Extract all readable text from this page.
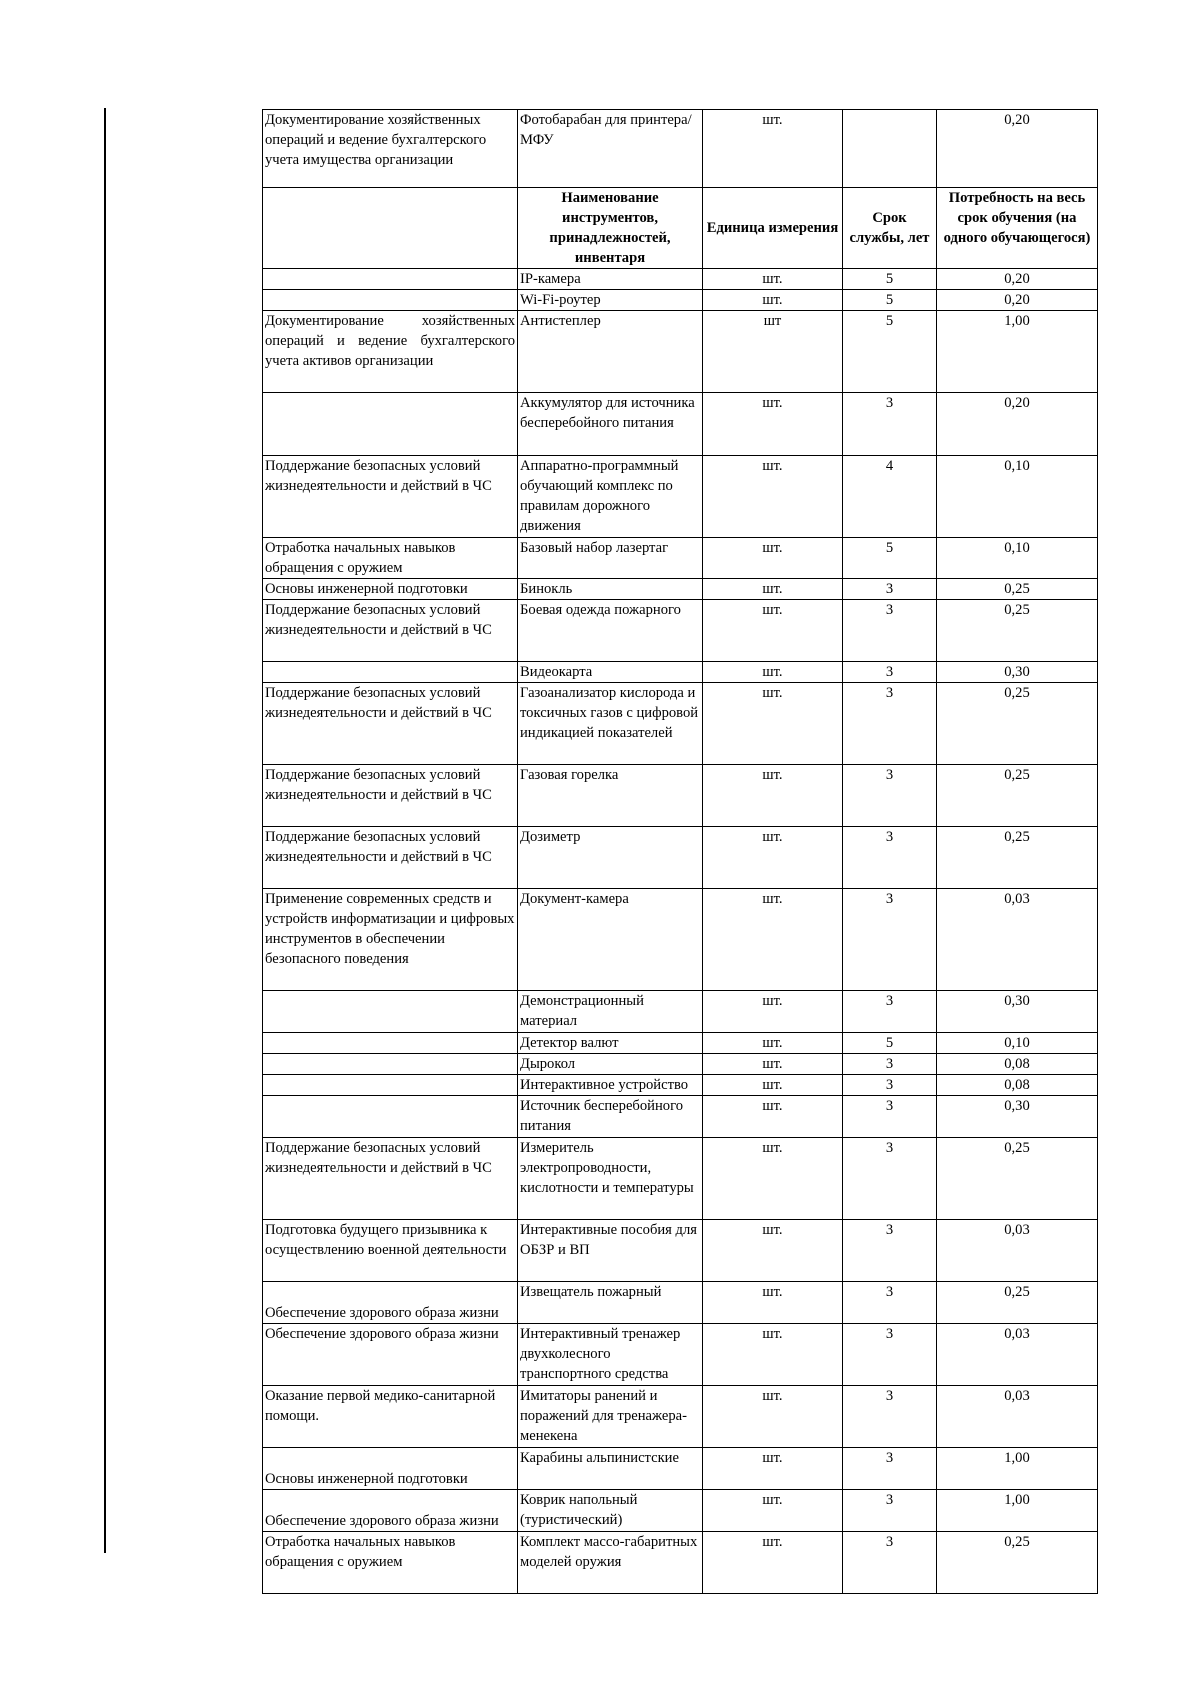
Документирование хозяйственных операций и ведение бухгалтерского учета имущества организации	Фотобарабан для принтера/МФУ	шт.		0,20
	Наименование инструментов, принадлежностей, инвентаря	Единица измерения	Срок службы, лет	Потребность на весь срок обучения (на одного обучающегося)
	IP-камера	шт.	5	0,20
	Wi-Fi-роутер	шт.	5	0,20
Документирование хозяйственных операций и ведение бухгалтерского учета активов организации	Антистеплер	шт	5	1,00
	Аккумулятор для источника бесперебойного питания	шт.	3	0,20
Поддержание безопасных условий жизнедеятельности и действий в ЧС	Аппаратно-программный обучающий комплекс по правилам дорожного движения	шт.	4	0,10
Отработка начальных навыков обращения с оружием	Базовый набор лазертаг	шт.	5	0,10
Основы инженерной подготовки	Бинокль	шт.	3	0,25
Поддержание безопасных условий жизнедеятельности и действий в ЧС	Боевая одежда пожарного	шт.	3	0,25
	Видеокарта	шт.	3	0,30
Поддержание безопасных условий жизнедеятельности и действий в ЧС	Газоанализатор кислорода и токсичных газов с цифровой индикацией показателей	шт.	3	0,25
Поддержание безопасных условий жизнедеятельности и действий в ЧС	Газовая горелка	шт.	3	0,25
Поддержание безопасных условий жизнедеятельности и действий в ЧС	Дозиметр	шт.	3	0,25
Применение современных средств и устройств информатизации и цифровых инструментов в обеспечении безопасного поведения	Документ-камера	шт.	3	0,03
	Демонстрационный материал	шт.	3	0,30
	Детектор валют	шт.	5	0,10
	Дырокол	шт.	3	0,08
	Интерактивное устройство	шт.	3	0,08
	Источник бесперебойного питания	шт.	3	0,30
Поддержание безопасных условий жизнедеятельности и действий в ЧС	Измеритель электропроводности, кислотности и температуры	шт.	3	0,25
Подготовка будущего призывника к осуществлению военной деятельности	Интерактивные пособия для ОБЗР и ВП	шт.	3	0,03
Обеспечение здорового образа жизни	Извещатель пожарный	шт.	3	0,25
Обеспечение здорового образа жизни	Интерактивный тренажер двухколесного транспортного средства	шт.	3	0,03
Оказание первой медико-санитарной помощи.	Имитаторы ранений и поражений для тренажера-менекена	шт.	3	0,03
Основы инженерной подготовки	Карабины альпинистские	шт.	3	1,00
Обеспечение здорового образа жизни	Коврик напольный (туристический)	шт.	3	1,00
Отработка начальных навыков обращения с оружием	Комплект массо-габаритных моделей оружия	шт.	3	0,25
